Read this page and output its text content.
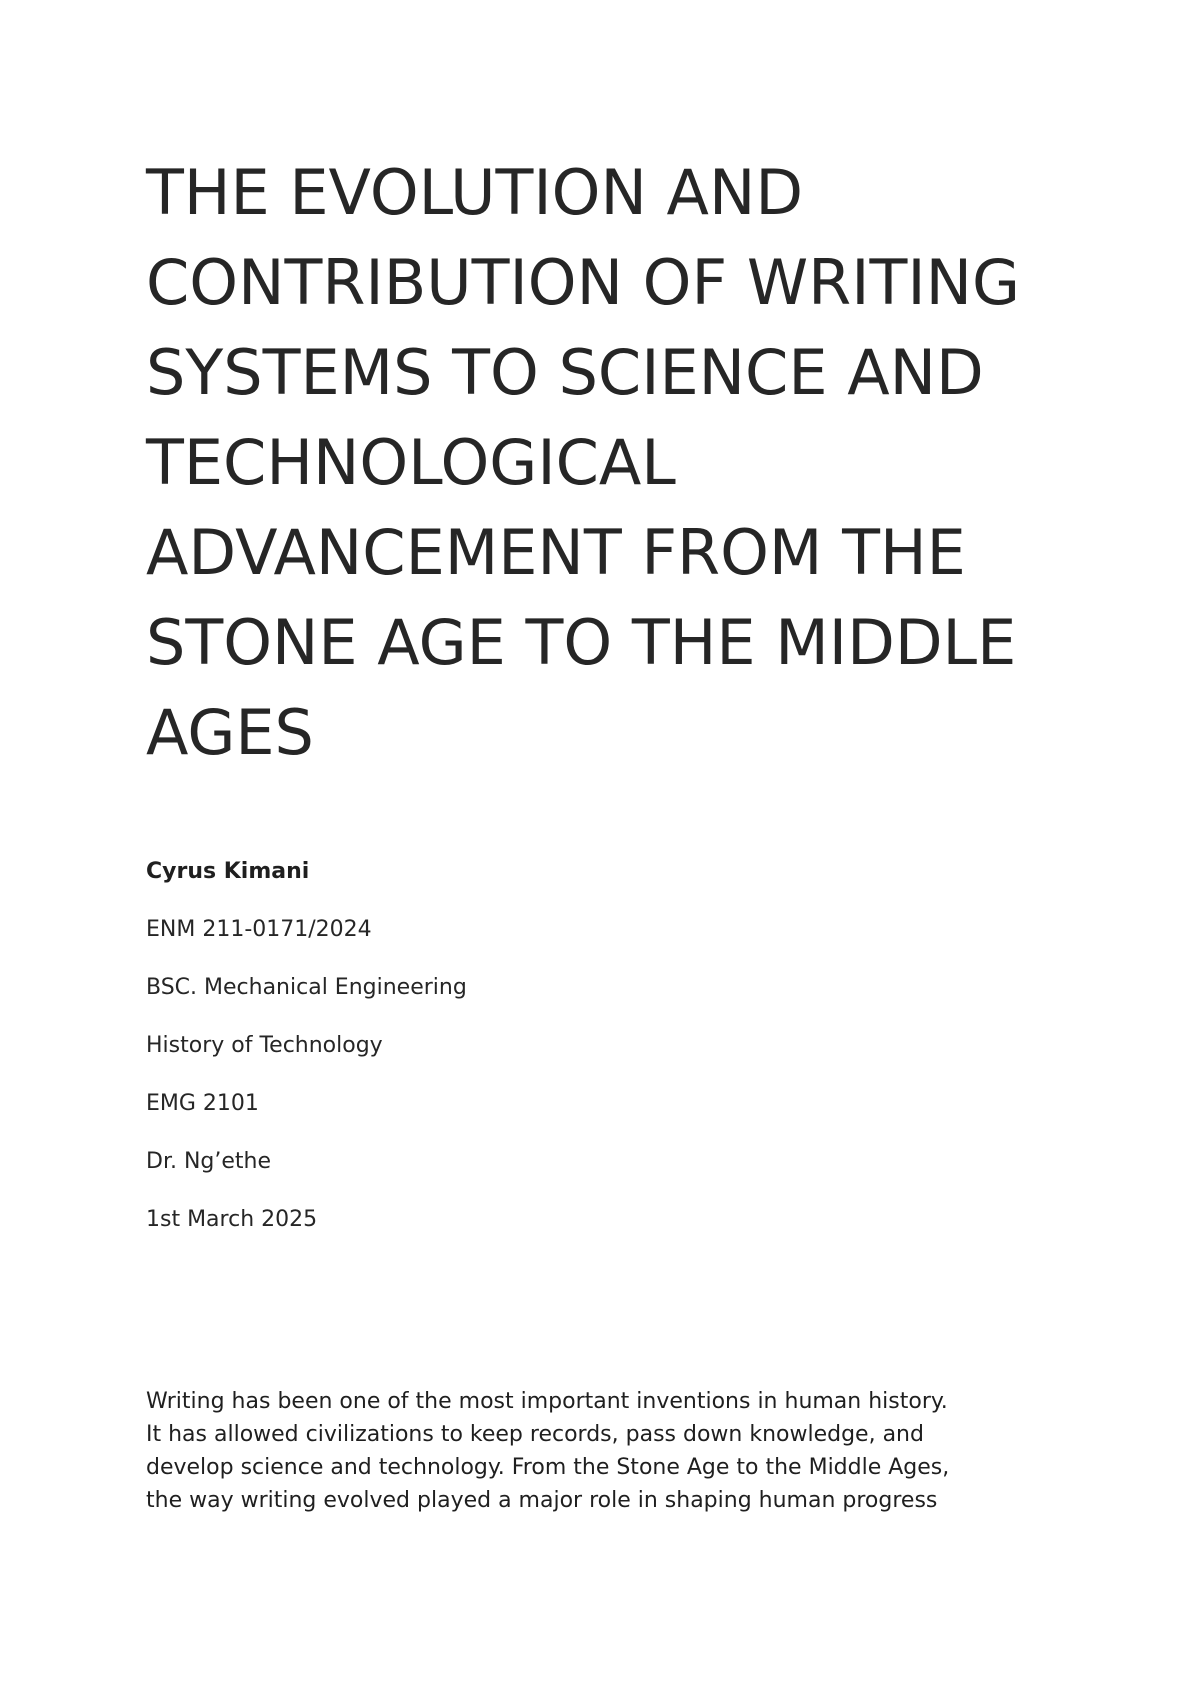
THE EVOLUTION AND
CONTRIBUTION OF WRITING
SYSTEMS TO SCIENCE AND
TECHNOLOGICAL
ADVANCEMENT FROM THE
STONE AGE TO THE MIDDLE
AGES
Cyrus Kimani
ENM 211-0171/2024
BSC. Mechanical Engineering
History of Technology
EMG 2101
Dr. Ng’ethe
1st March 2025
Writing has been one of the most important inventions in human history.
It has allowed civilizations to keep records, pass down knowledge, and
develop science and technology. From the Stone Age to the Middle Ages,
the way writing evolved played a major role in shaping human progress
